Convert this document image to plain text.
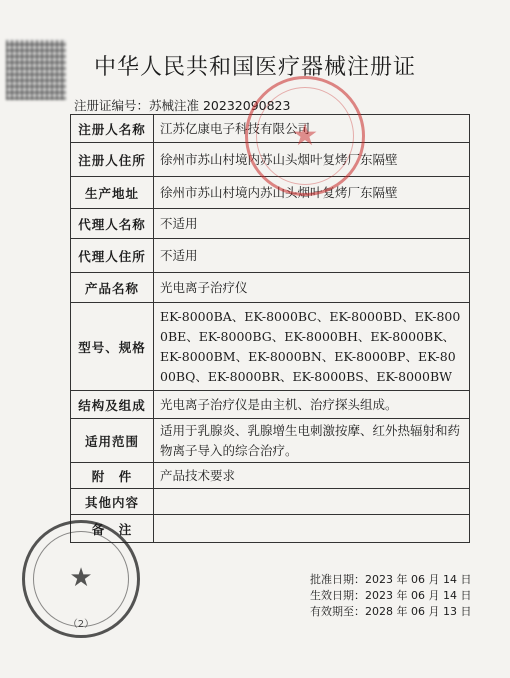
中华人民共和国医疗器械注册证
注册证编号：苏械注准 20232090823
注册人名称	江苏亿康电子科技有限公司
注册人住所	徐州市苏山村境内苏山头烟叶复烤厂东隔壁
生产地址	徐州市苏山村境内苏山头烟叶复烤厂东隔壁
代理人名称	不适用
代理人住所	不适用
产品名称	光电离子治疗仪
型号、规格	EK-8000BA、EK-8000BC、EK-8000BD、EK-8000BE、EK-8000BG、EK-8000BH、EK-8000BK、EK-8000BM、EK-8000BN、EK-8000BP、EK-8000BQ、EK-8000BR、EK-8000BS、EK-8000BW
结构及组成	光电离子治疗仪是由主机、治疗探头组成。
适用范围	适用于乳腺炎、乳腺增生电刺激按摩、红外热辐射和药物离子导入的综合治疗。
附　件	产品技术要求
其他内容	
备　注	
★
★
（2）
批准日期：2023 年 06 月 14 日
生效日期：2023 年 06 月 14 日
有效期至：2028 年 06 月 13 日
